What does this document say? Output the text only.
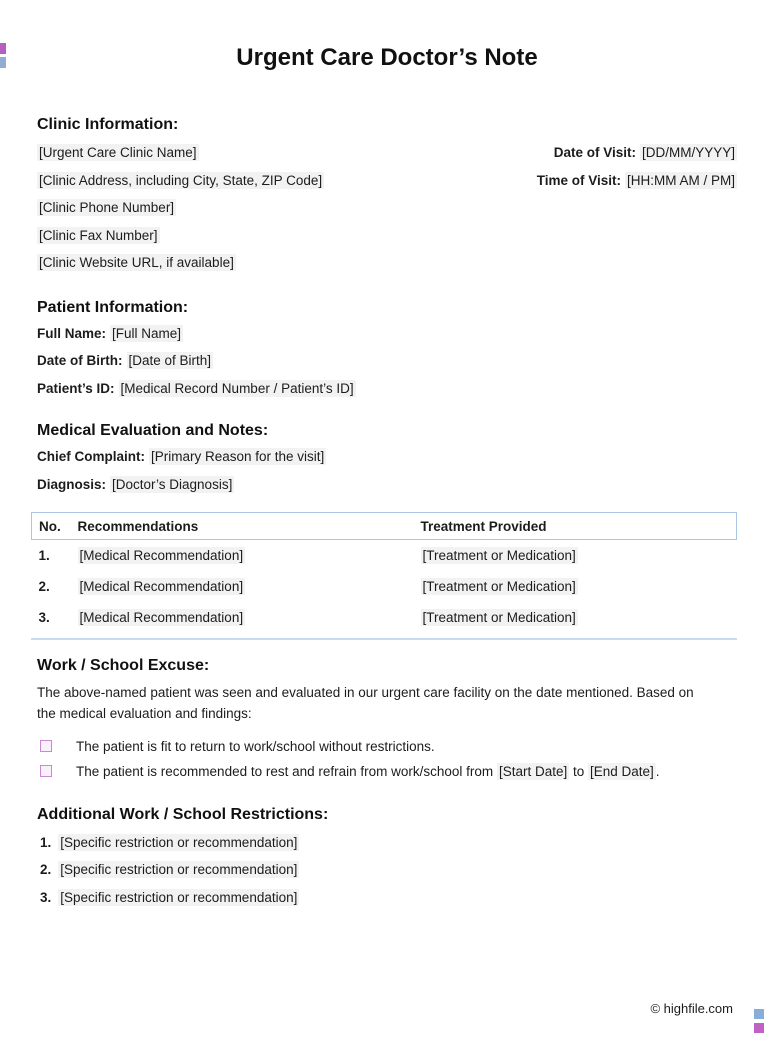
Urgent Care Doctor’s Note
Clinic Information:
[Urgent Care Clinic Name]
[Clinic Address, including City, State, ZIP Code]
[Clinic Phone Number]
[Clinic Fax Number]
[Clinic Website URL, if available]
Date of Visit: [DD/MM/YYYY]
Time of Visit: [HH:MM AM / PM]
Patient Information:
Full Name: [Full Name]
Date of Birth: [Date of Birth]
Patient’s ID: [Medical Record Number / Patient’s ID]
Medical Evaluation and Notes:
Chief Complaint: [Primary Reason for the visit]
Diagnosis: [Doctor’s Diagnosis]
No.	Recommendations	Treatment Provided
1.	[Medical Recommendation]	[Treatment or Medication]
2.	[Medical Recommendation]	[Treatment or Medication]
3.	[Medical Recommendation]	[Treatment or Medication]
Work / School Excuse:
The above-named patient was seen and evaluated in our urgent care facility on the date mentioned. Based on the medical evaluation and findings:
The patient is fit to return to work/school without restrictions.
The patient is recommended to rest and refrain from work/school from [Start Date] to [End Date] .
Additional Work / School Restrictions:
1. [Specific restriction or recommendation]
2. [Specific restriction or recommendation]
3. [Specific restriction or recommendation]
© highfile.com
